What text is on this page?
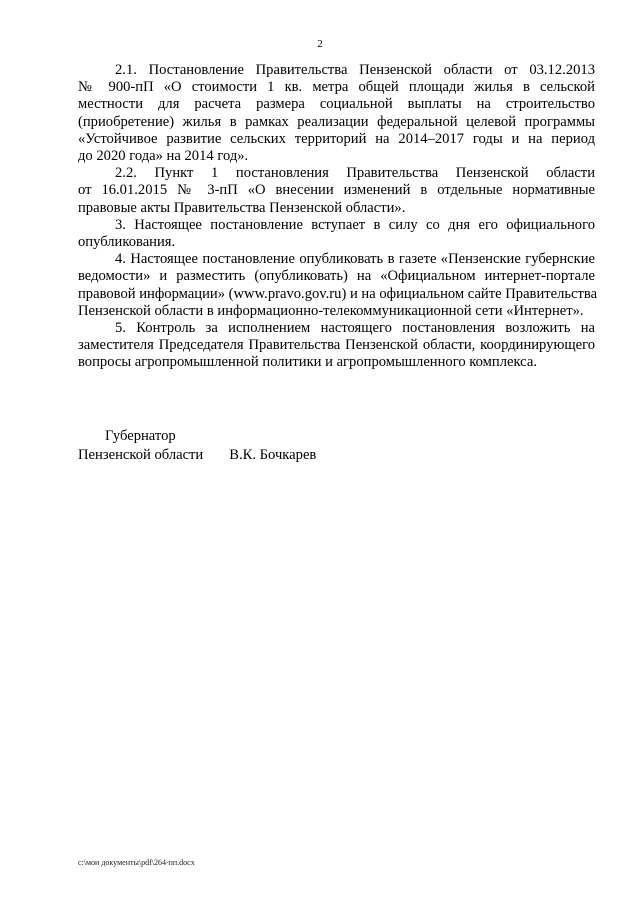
2

2.1. Постановление Правительства Пензенской области от 03.12.2013
№ 900-пП «О стоимости 1 кв. метра общей площади жилья в сельской
местности для расчета размера социальной выплаты на строительство
(приобретение) жилья в рамках реализации федеральной целевой программы
«Устойчивое развитие сельских территорий на 2014–2017 годы и на период
до 2020 года» на 2014 год».

2.2. Пункт 1 постановления Правительства Пензенской области
от 16.01.2015 № 3-пП «О внесении изменений в отдельные нормативные
правовые акты Правительства Пензенской области».

3. Настоящее постановление вступает в силу со дня его официального
опубликования.

4. Настоящее постановление опубликовать в газете «Пензенские губернские
ведомости» и разместить (опубликовать) на «Официальном интернет-портале
правовой информации» (www.pravo.gov.ru) и на официальном сайте Правительства
Пензенской области в информационно-телекоммуникационной сети «Интернет».

5. Контроль за исполнением настоящего постановления возложить на
заместителя Председателя Правительства Пензенской области, координирующего
вопросы агропромышленной политики и агропромышленного комплекса.

Губернатор
Пензенской области В.К. Бочкарев
c:\мои документы\pdf\264-пп.docx
